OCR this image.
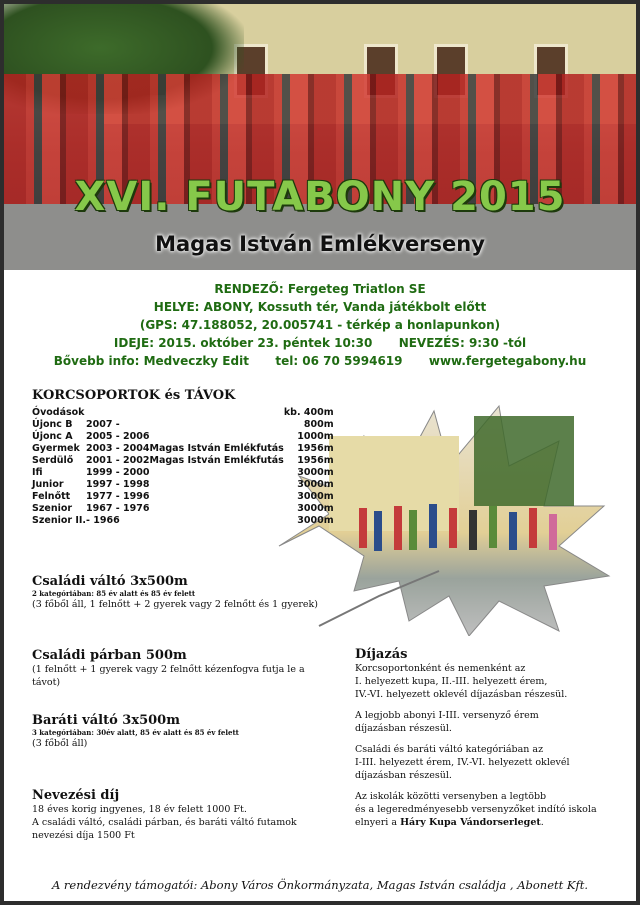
XVI. FUTABONY 2015
Magas István Emlékverseny
RENDEZŐ: Fergeteg Triatlon SE
HELYE: ABONY, Kossuth tér, Vanda játékbolt előtt
(GPS: 47.188052, 20.005741 - térkép a honlapunkon)
IDEJE: 2015. október 23. péntek 10:30 NEVEZÉS: 9:30 -tól
Bővebb info: Medveczky Edit tel: 06 70 5994619 www.fergetegabony.hu
KORCSOPORTOK és TÁVOK
Óvodások			kb. 400m
Újonc B	2007 -		800m
Újonc A	2005 - 2006		1000m
Gyermek	2003 - 2004	Magas István Emlékfutás	1956m
Serdülő	2001 - 2002	Magas István Emlékfutás	1956m
Ifi	1999 - 2000		3000m
Junior	1997 - 1998		3000m
Felnőtt	1977 - 1996		3000m
Szenior	1967 - 1976		3000m
Szenior II.	- 1966		3000m
Családi váltó 3x500m
2 kategóriában: 85 év alatt és 85 év felett

(3 főből áll, 1 felnőtt + 2 gyerek vagy 2 felnőtt és 1 gyerek)

Családi párban 500m

(1 felnőtt + 1 gyerek vagy 2 felnőtt kézenfogva futja le a távot)

Baráti váltó 3x500m
3 kategóriában: 30év alatt, 85 év alatt és 85 év felett

(3 főből áll)

Nevezési díj

18 éves korig ingyenes, 18 év felett 1000 Ft.

A családi váltó, családi párban, és baráti váltó futamok

nevezési díja 1500 Ft

Díjazás

Korcsoportonként és nemenként az

I. helyezett kupa, II.-III. helyezett érem,

IV.-VI. helyezett oklevél díjazásban részesül.

A legjobb abonyi I-III. versenyző érem

díjazásban részesül.

Családi és baráti váltó kategóriában az

I-III. helyezett érem, IV.-VI. helyezett oklevél

díjazásban részesül.

Az iskolák közötti versenyben a legtöbb

és a legeredményesebb versenyzőket indító iskola

elnyeri a Háry Kupa Vándorserleget.

A rendezvény támogatói: Abony Város Önkormányzata, Magas István családja , Abonett Kft.
